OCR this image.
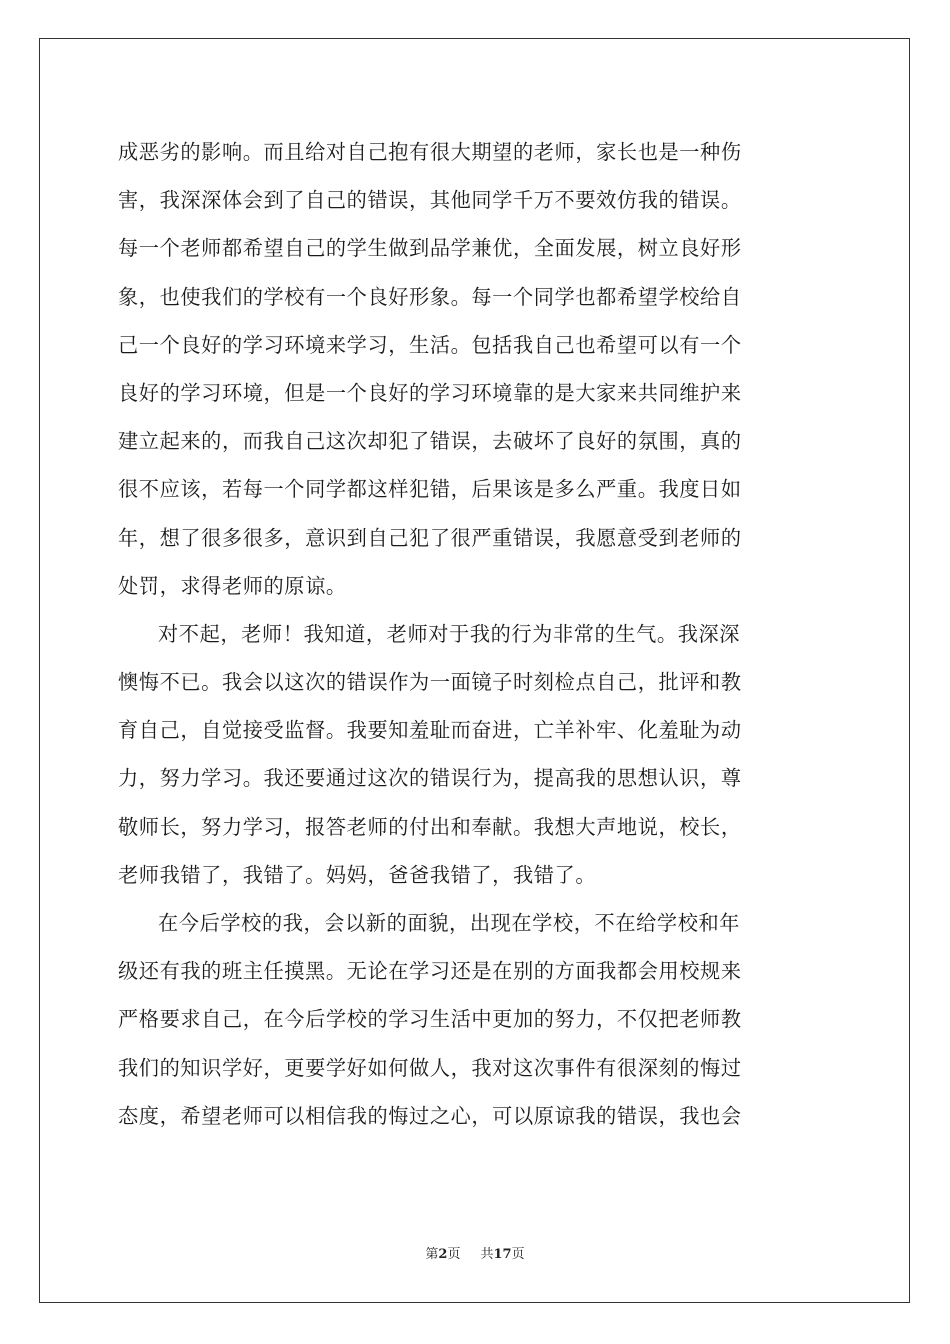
成恶劣的影响。而且给对自己抱有很大期望的老师，家长也是一种伤
害，我深深体会到了自己的错误，其他同学千万不要效仿我的错误。
每一个老师都希望自己的学生做到品学兼优，全面发展，树立良好形
象，也使我们的学校有一个良好形象。每一个同学也都希望学校给自
己一个良好的学习环境来学习，生活。包括我自己也希望可以有一个
良好的学习环境，但是一个良好的学习环境靠的是大家来共同维护来
建立起来的，而我自己这次却犯了错误，去破坏了良好的氛围，真的
很不应该，若每一个同学都这样犯错，后果该是多么严重。我度日如
年，想了很多很多，意识到自己犯了很严重错误，我愿意受到老师的
处罚，求得老师的原谅。
对不起，老师！我知道，老师对于我的行为非常的生气。我深深
懊悔不已。我会以这次的错误作为一面镜子时刻检点自己，批评和教
育自己，自觉接受监督。我要知羞耻而奋进，亡羊补牢、化羞耻为动
力，努力学习。我还要通过这次的错误行为，提高我的思想认识，尊
敬师长，努力学习，报答老师的付出和奉献。我想大声地说，校长，
老师我错了，我错了。妈妈，爸爸我错了，我错了。
在今后学校的我，会以新的面貌，出现在学校，不在给学校和年
级还有我的班主任摸黑。无论在学习还是在别的方面我都会用校规来
严格要求自己，在今后学校的学习生活中更加的努力，不仅把老师教
我们的知识学好，更要学好如何做人，我对这次事件有很深刻的悔过
态度，希望老师可以相信我的悔过之心，可以原谅我的错误，我也会
第2页 共17页
